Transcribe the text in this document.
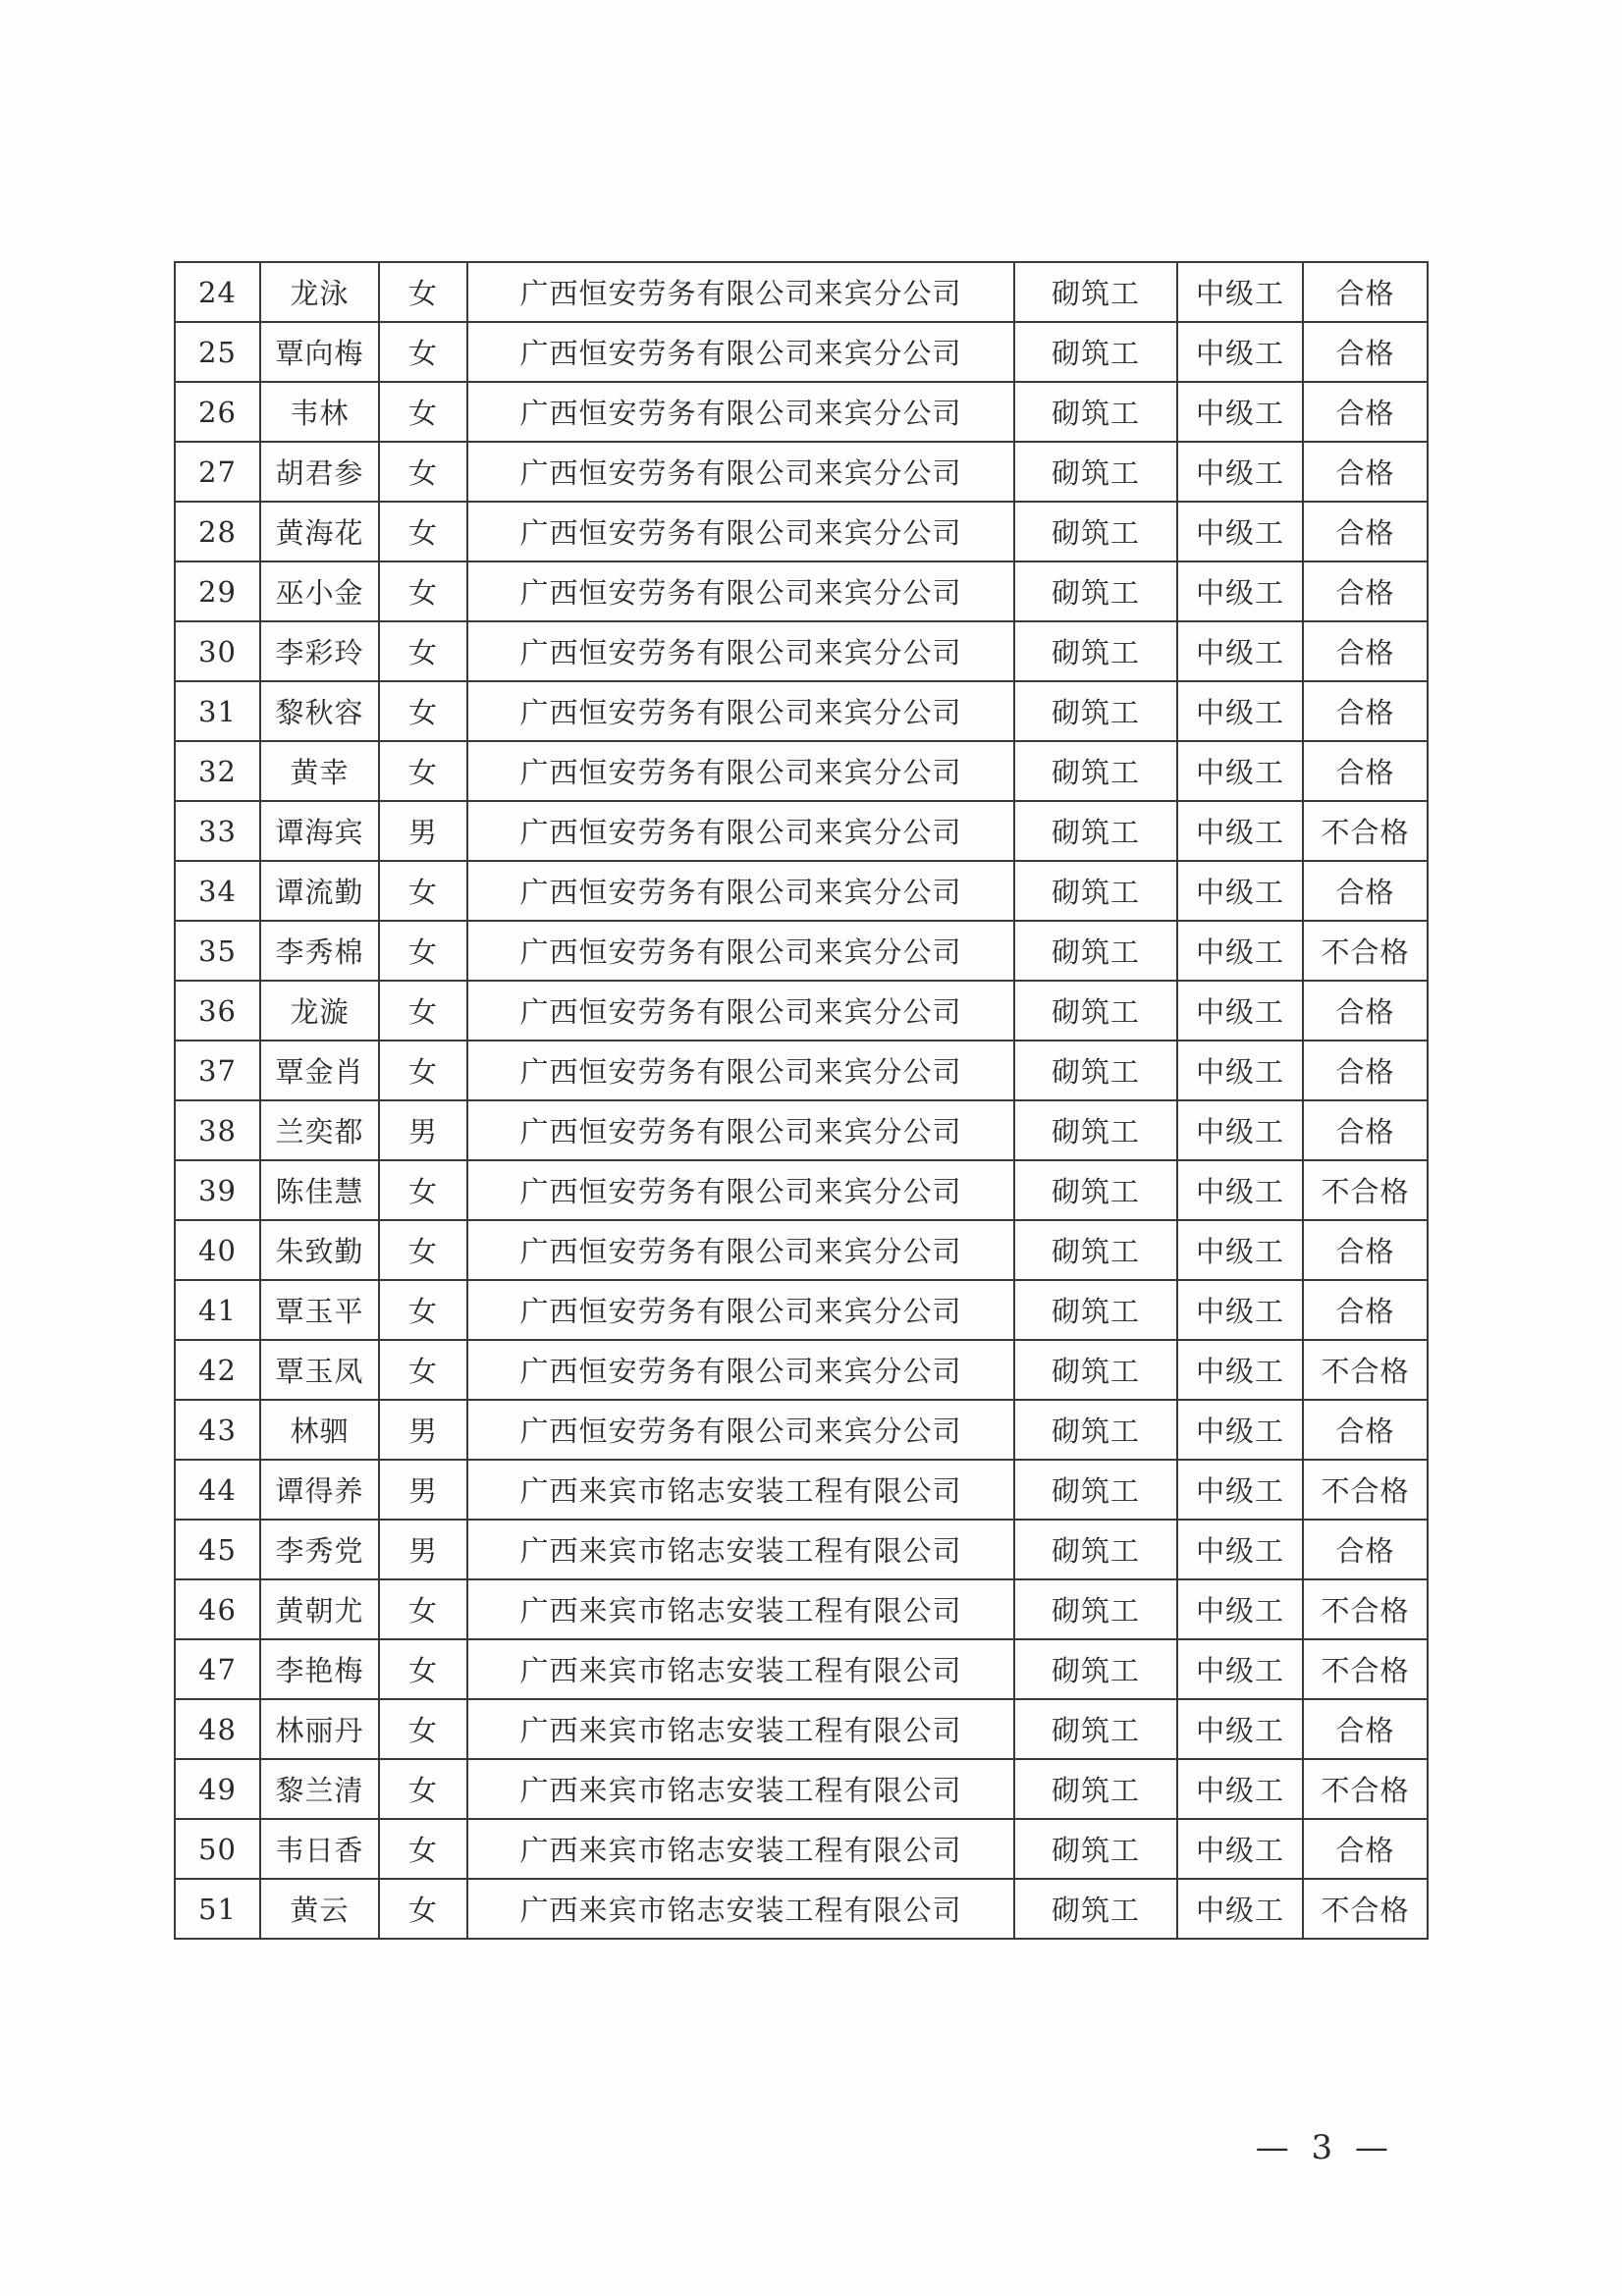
24	龙泳	女	广西恒安劳务有限公司来宾分公司	砌筑工	中级工	合格
25	覃向梅	女	广西恒安劳务有限公司来宾分公司	砌筑工	中级工	合格
26	韦林	女	广西恒安劳务有限公司来宾分公司	砌筑工	中级工	合格
27	胡君参	女	广西恒安劳务有限公司来宾分公司	砌筑工	中级工	合格
28	黄海花	女	广西恒安劳务有限公司来宾分公司	砌筑工	中级工	合格
29	巫小金	女	广西恒安劳务有限公司来宾分公司	砌筑工	中级工	合格
30	李彩玲	女	广西恒安劳务有限公司来宾分公司	砌筑工	中级工	合格
31	黎秋容	女	广西恒安劳务有限公司来宾分公司	砌筑工	中级工	合格
32	黄幸	女	广西恒安劳务有限公司来宾分公司	砌筑工	中级工	合格
33	谭海宾	男	广西恒安劳务有限公司来宾分公司	砌筑工	中级工	不合格
34	谭流勤	女	广西恒安劳务有限公司来宾分公司	砌筑工	中级工	合格
35	李秀棉	女	广西恒安劳务有限公司来宾分公司	砌筑工	中级工	不合格
36	龙漩	女	广西恒安劳务有限公司来宾分公司	砌筑工	中级工	合格
37	覃金肖	女	广西恒安劳务有限公司来宾分公司	砌筑工	中级工	合格
38	兰奕都	男	广西恒安劳务有限公司来宾分公司	砌筑工	中级工	合格
39	陈佳慧	女	广西恒安劳务有限公司来宾分公司	砌筑工	中级工	不合格
40	朱致勤	女	广西恒安劳务有限公司来宾分公司	砌筑工	中级工	合格
41	覃玉平	女	广西恒安劳务有限公司来宾分公司	砌筑工	中级工	合格
42	覃玉凤	女	广西恒安劳务有限公司来宾分公司	砌筑工	中级工	不合格
43	林驷	男	广西恒安劳务有限公司来宾分公司	砌筑工	中级工	合格
44	谭得养	男	广西来宾市铭志安装工程有限公司	砌筑工	中级工	不合格
45	李秀党	男	广西来宾市铭志安装工程有限公司	砌筑工	中级工	合格
46	黄朝尤	女	广西来宾市铭志安装工程有限公司	砌筑工	中级工	不合格
47	李艳梅	女	广西来宾市铭志安装工程有限公司	砌筑工	中级工	不合格
48	林丽丹	女	广西来宾市铭志安装工程有限公司	砌筑工	中级工	合格
49	黎兰清	女	广西来宾市铭志安装工程有限公司	砌筑工	中级工	不合格
50	韦日香	女	广西来宾市铭志安装工程有限公司	砌筑工	中级工	合格
51	黄云	女	广西来宾市铭志安装工程有限公司	砌筑工	中级工	不合格
— 3 —
